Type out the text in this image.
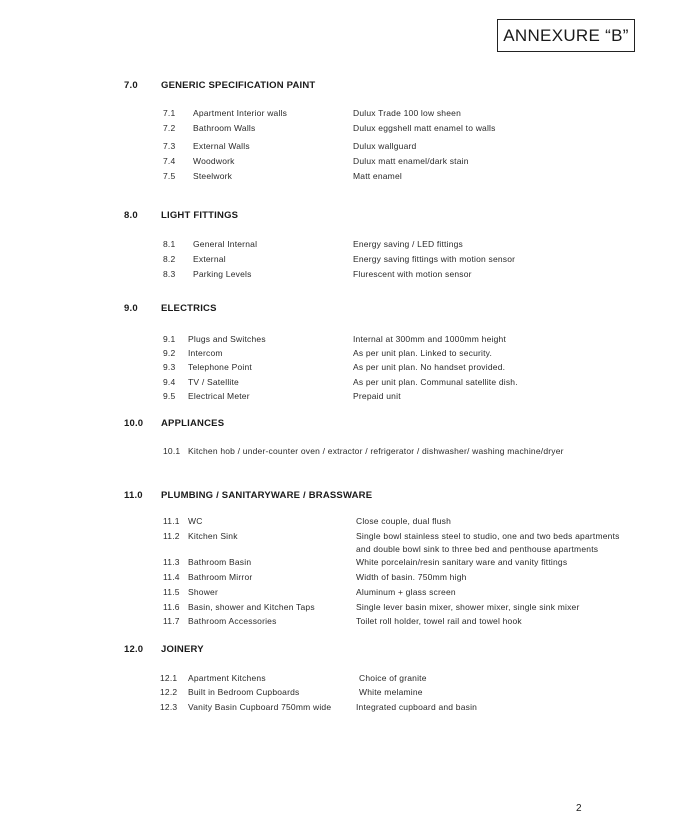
ANNEXURE “B”
7.0 GENERIC SPECIFICATION PAINT
7.1 Apartment Interior walls	Dulux Trade 100 low sheen
7.2 Bathroom Walls	Dulux eggshell matt enamel to walls
7.3 External Walls	Dulux wallguard
7.4 Woodwork	Dulux matt enamel/dark stain
7.5 Steelwork	Matt enamel
8.0 LIGHT FITTINGS
8.1 General Internal	Energy saving / LED fittings
8.2 External	Energy saving fittings with motion sensor
8.3 Parking Levels	Flurescent with motion sensor
9.0 ELECTRICS
9.1 Plugs and Switches	Internal at 300mm and 1000mm height
9.2 Intercom	As per unit plan. Linked to security.
9.3 Telephone Point	As per unit plan. No handset provided.
9.4 TV / Satellite	As per unit plan. Communal satellite dish.
9.5 Electrical Meter	Prepaid unit
10.0 APPLIANCES
10.1 Kitchen hob / under-counter oven / extractor / refrigerator / dishwasher/ washing machine/dryer
11.0 PLUMBING / SANITARYWARE / BRASSWARE
11.1 WC	Close couple, dual flush
11.2 Kitchen Sink	Single bowl stainless steel to studio, one and two beds apartments
and double bowl sink to three bed and penthouse apartments
11.3 Bathroom Basin	White porcelain/resin sanitary ware and vanity fittings
11.4 Bathroom Mirror	Width of basin. 750mm high
11.5 Shower	Aluminum + glass screen
11.6 Basin, shower and Kitchen Taps	Single lever basin mixer, shower mixer, single sink mixer
11.7 Bathroom Accessories	Toilet roll holder, towel rail and towel hook
12.0 JOINERY
12.1 Apartment Kitchens	Choice of granite
12.2 Built in Bedroom Cupboards	White melamine
12.3 Vanity Basin Cupboard 750mm wide	Integrated cupboard and basin
2
